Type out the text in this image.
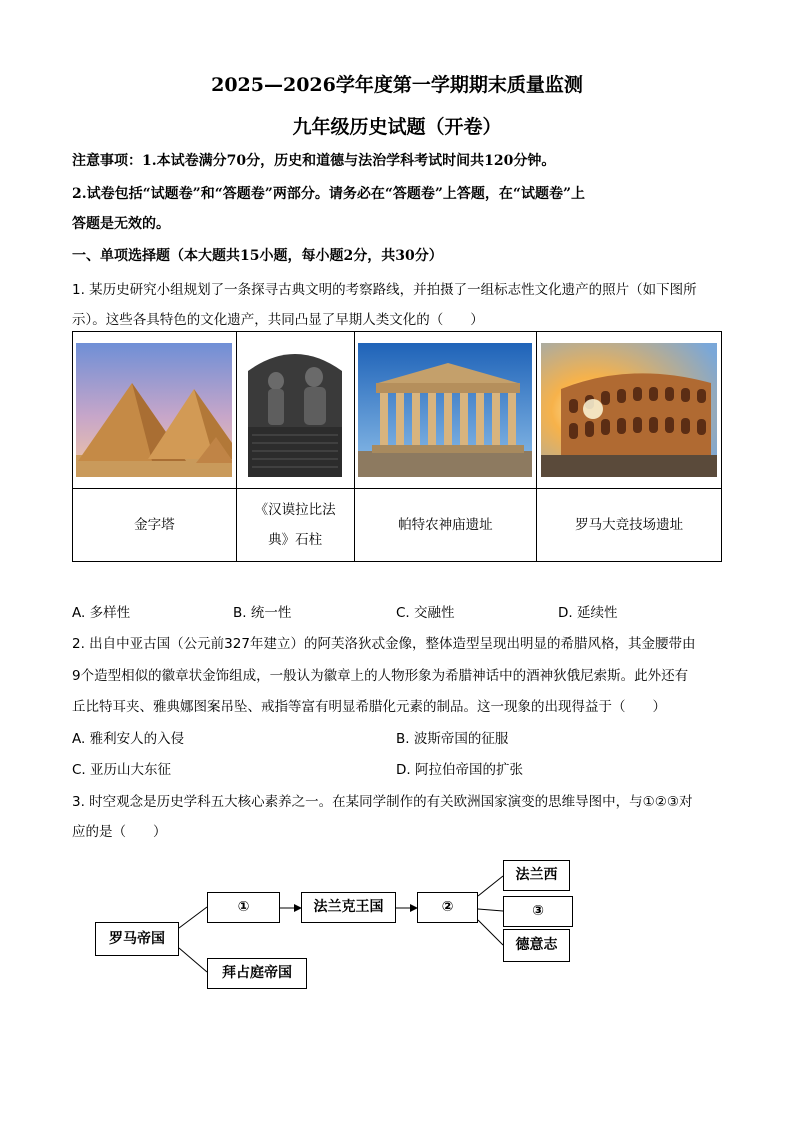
2025—2026学年度第一学期期末质量监测
九年级历史试题（开卷）
注意事项：1.本试卷满分70分，历史和道德与法治学科考试时间共120分钟。
2.试卷包括“试题卷”和“答题卷”两部分。请务必在“答题卷”上答题，在“试题卷”上
答题是无效的。
一、单项选择题（本大题共15小题，每小题2分，共30分）
1. 某历史研究小组规划了一条探寻古典文明的考察路线，并拍摄了一组标志性文化遗产的照片（如下图所
示）。这些各具特色的文化遗产，共同凸显了早期人类文化的（　　）

金字塔	《汉谟拉比法
典》石柱	帕特农神庙遗址	罗马大竞技场遗址
A. 多样性	B. 统一性	C. 交融性	D. 延续性
2. 出自中亚古国（公元前327年建立）的阿芙洛狄忒金像，整体造型呈现出明显的希腊风格，其金腰带由
9个造型相似的徽章状金饰组成，一般认为徽章上的人物形象为希腊神话中的酒神狄俄尼索斯。此外还有
丘比特耳夹、雅典娜图案吊坠、戒指等富有明显希腊化元素的制品。这一现象的出现得益于（　　）
A. 雅利安人的入侵	B. 波斯帝国的征服
C. 亚历山大东征	D. 阿拉伯帝国的扩张
3. 时空观念是历史学科五大核心素养之一。在某同学制作的有关欧洲国家演变的思维导图中，与①②③对
应的是（　　）
罗马帝国
①	法兰克王国	②
法兰西
③
德意志
拜占庭帝国
